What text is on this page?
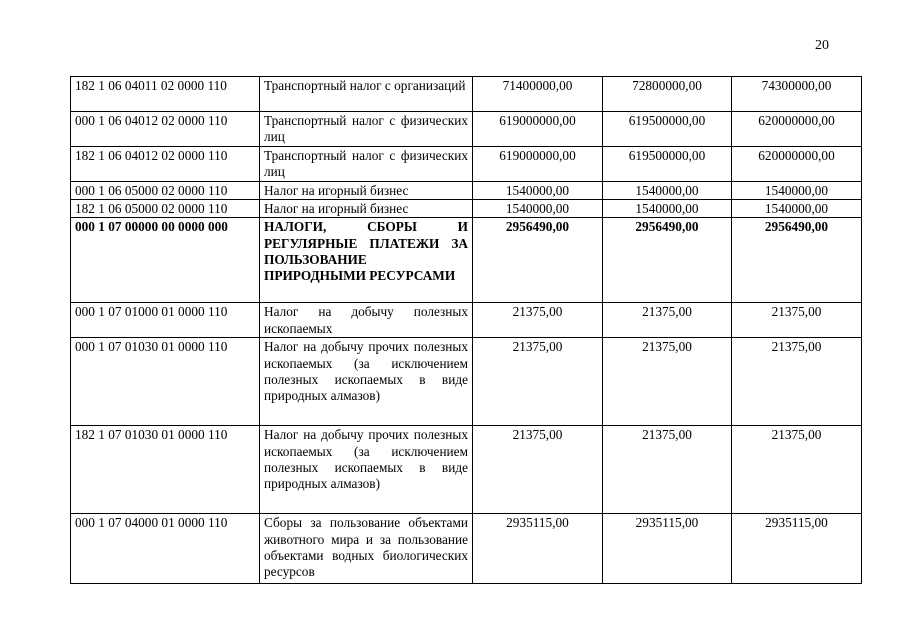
20
182 1 06 04011 02 0000 110	Транспортный налог с организаций	71400000,00	72800000,00	74300000,00
000 1 06 04012 02 0000 110	Транспортный налог с физических лиц	619000000,00	619500000,00	620000000,00
182 1 06 04012 02 0000 110	Транспортный налог с физических лиц	619000000,00	619500000,00	620000000,00
000 1 06 05000 02 0000 110	Налог на игорный бизнес	1540000,00	1540000,00	1540000,00
182 1 06 05000 02 0000 110	Налог на игорный бизнес	1540000,00	1540000,00	1540000,00
000 1 07 00000 00 0000 000	НАЛОГИ, СБОРЫ И РЕГУЛЯРНЫЕ ПЛАТЕЖИ ЗА ПОЛЬЗОВАНИЕ ПРИРОДНЫМИ РЕСУРСАМИ	2956490,00	2956490,00	2956490,00
000 1 07 01000 01 0000 110	Налог на добычу полезных ископаемых	21375,00	21375,00	21375,00
000 1 07 01030 01 0000 110	Налог на добычу прочих полезных ископаемых (за исключением полезных ископаемых в виде природных алмазов)	21375,00	21375,00	21375,00
182 1 07 01030 01 0000 110	Налог на добычу прочих полезных ископаемых (за исключением полезных ископаемых в виде природных алмазов)	21375,00	21375,00	21375,00
000 1 07 04000 01 0000 110	Сборы за пользование объектами животного мира и за пользование объектами водных биологических ресурсов	2935115,00	2935115,00	2935115,00
